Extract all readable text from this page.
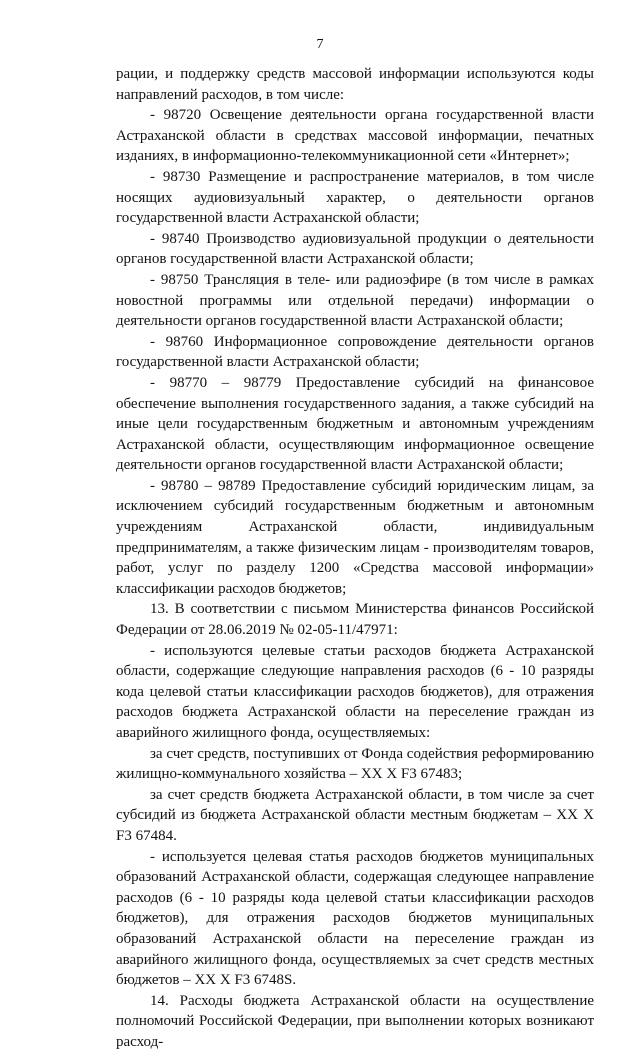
7

рации, и поддержку средств массовой информации используются коды направлений расходов, в том числе:

- 98720 Освещение деятельности органа государственной власти Астраханской области в средствах массовой информации, печатных изданиях, в информационно-телекоммуникационной сети «Интернет»;

- 98730 Размещение и распространение материалов, в том числе носящих аудиовизуальный характер, о деятельности органов государственной власти Астраханской области;

- 98740 Производство аудиовизуальной продукции о деятельности органов государственной власти Астраханской области;

- 98750 Трансляция в теле- или радиоэфире (в том числе в рамках новостной программы или отдельной передачи) информации о деятельности органов государственной власти Астраханской области;

- 98760 Информационное сопровождение деятельности органов государственной власти Астраханской области;

- 98770 – 98779 Предоставление субсидий на финансовое обеспечение выполнения государственного задания, а также субсидий на иные цели государственным бюджетным и автономным учреждениям Астраханской области, осуществляющим информационное освещение деятельности органов государственной власти Астраханской области;

- 98780 – 98789 Предоставление субсидий юридическим лицам, за исключением субсидий государственным бюджетным и автономным учреждениям Астраханской области, индивидуальным предпринимателям, а также физическим лицам - производителям товаров, работ, услуг по разделу 1200 «Средства массовой информации» классификации расходов бюджетов;

13. В соответствии с письмом Министерства финансов Российской Федерации от 28.06.2019 № 02-05-11/47971:

- используются целевые статьи расходов бюджета Астраханской области, содержащие следующие направления расходов (6 - 10 разряды кода целевой статьи классификации расходов бюджетов), для отражения расходов бюджета Астраханской области на переселение граждан из аварийного жилищного фонда, осуществляемых:

за счет средств, поступивших от Фонда содействия реформированию жилищно-коммунального хозяйства – XX X F3 67483;

за счет средств бюджета Астраханской области, в том числе за счет субсидий из бюджета Астраханской области местным бюджетам – XX X F3 67484.

- используется целевая статья расходов бюджетов муниципальных образований Астраханской области, содержащая следующее направление расходов (6 - 10 разряды кода целевой статьи классификации расходов бюджетов), для отражения расходов бюджетов муниципальных образований Астраханской области на переселение граждан из аварийного жилищного фонда, осуществляемых за счет средств местных бюджетов – XX X F3 6748S.

14. Расходы бюджета Астраханской области на осуществление полномочий Российской Федерации, при выполнении которых возникают расход-
